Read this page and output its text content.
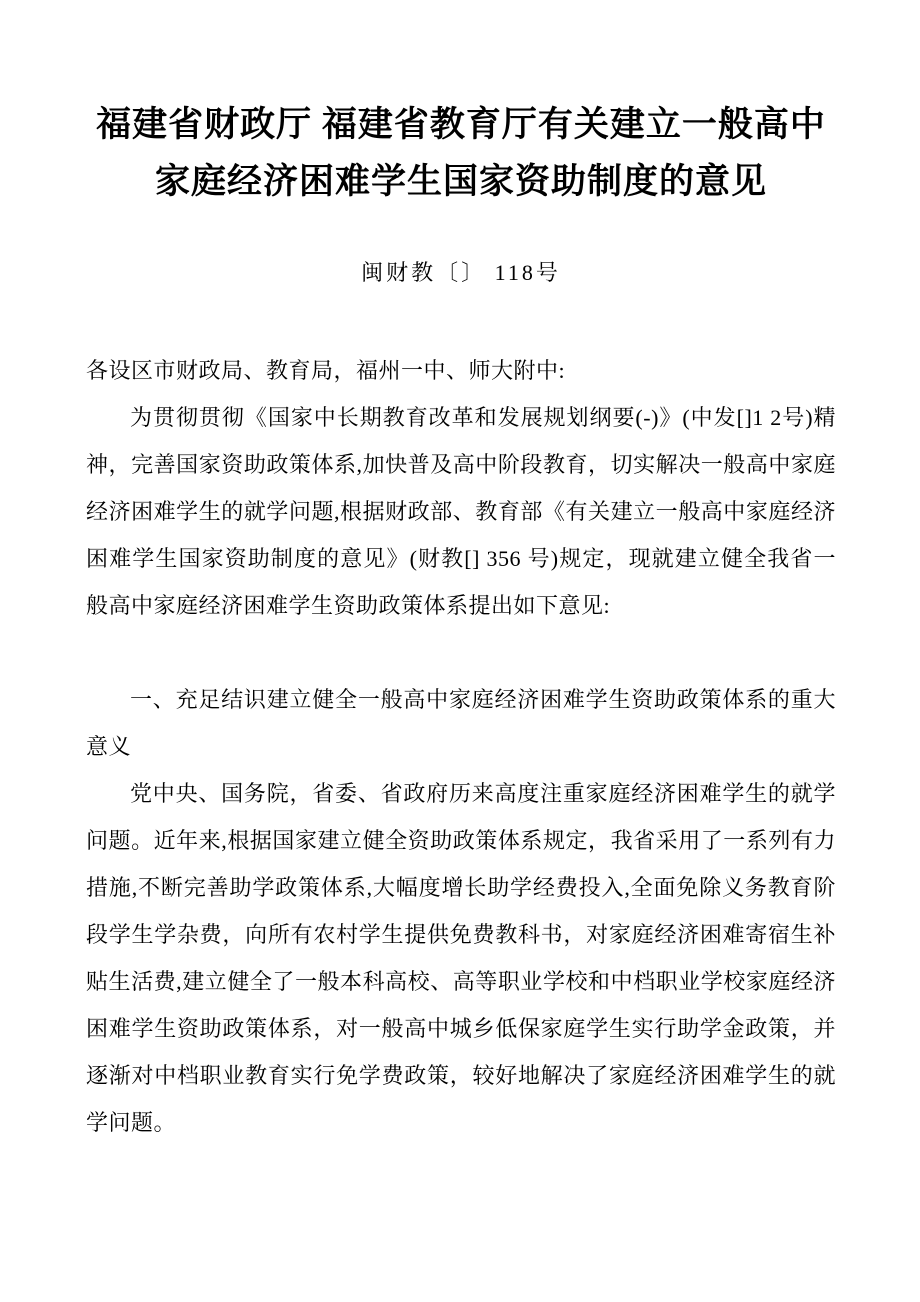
福建省财政厅 福建省教育厅有关建立一般高中家庭经济困难学生国家资助制度的意见
闽财教〔〕 118号

各设区市财政局、教育局，福州一中、师大附中:

为贯彻贯彻《国家中长期教育改革和发展规划纲要(-)》(中发[]1 2号)精神，完善国家资助政策体系,加快普及高中阶段教育，切实解决一般高中家庭经济困难学生的就学问题,根据财政部、教育部《有关建立一般高中家庭经济困难学生国家资助制度的意见》(财教[] 356 号)规定，现就建立健全我省一般高中家庭经济困难学生资助政策体系提出如下意见:

一、充足结识建立健全一般高中家庭经济困难学生资助政策体系的重大意义

党中央、国务院，省委、省政府历来高度注重家庭经济困难学生的就学问题。近年来,根据国家建立健全资助政策体系规定，我省采用了一系列有力措施,不断完善助学政策体系,大幅度增长助学经费投入,全面免除义务教育阶段学生学杂费，向所有农村学生提供免费教科书，对家庭经济困难寄宿生补贴生活费,建立健全了一般本科高校、高等职业学校和中档职业学校家庭经济困难学生资助政策体系，对一般高中城乡低保家庭学生实行助学金政策，并逐渐对中档职业教育实行免学费政策，较好地解决了家庭经济困难学生的就学问题。
